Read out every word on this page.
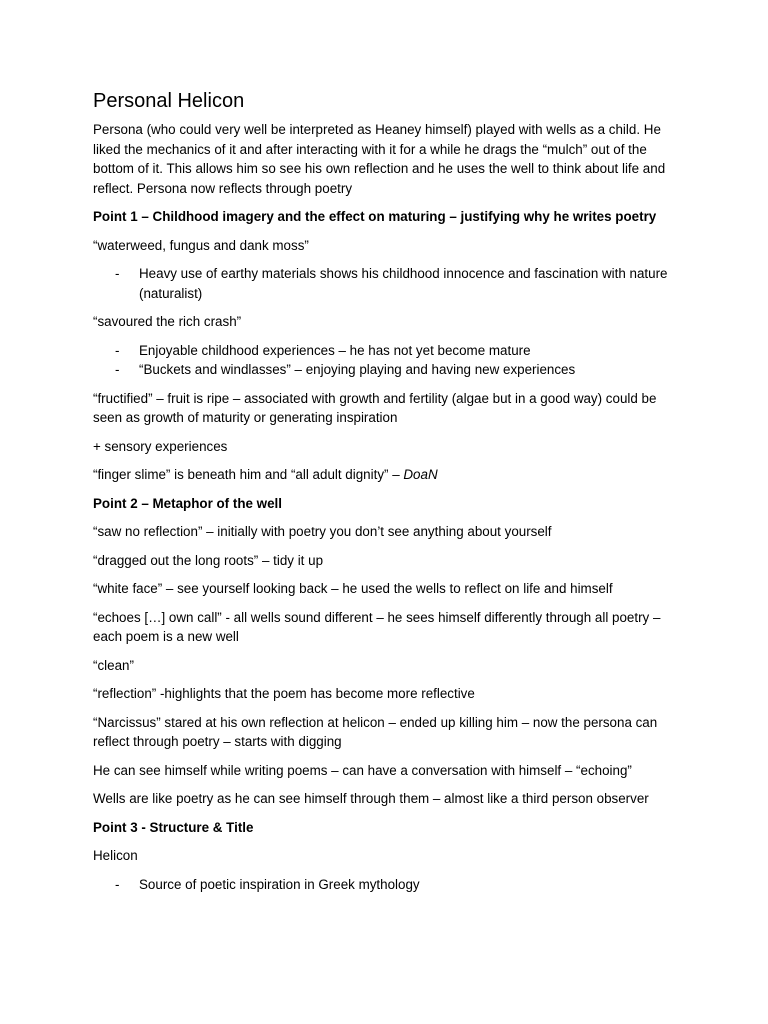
Personal Helicon

Persona (who could very well be interpreted as Heaney himself) played with wells as a child. He liked the mechanics of it and after interacting with it for a while he drags the “mulch” out of the bottom of it. This allows him so see his own reflection and he uses the well to think about life and reflect. Persona now reflects through poetry

Point 1 – Childhood imagery and the effect on maturing – justifying why he writes poetry

“waterweed, fungus and dank moss”

- Heavy use of earthy materials shows his childhood innocence and fascination with nature (naturalist)

“savoured the rich crash”

- Enjoyable childhood experiences – he has not yet become mature
- “Buckets and windlasses” – enjoying playing and having new experiences

“fructified” – fruit is ripe – associated with growth and fertility (algae but in a good way) could be seen as growth of maturity or generating inspiration

+ sensory experiences

“finger slime” is beneath him and “all adult dignity” – DoaN

Point 2 – Metaphor of the well

“saw no reflection” – initially with poetry you don’t see anything about yourself

“dragged out the long roots” – tidy it up

“white face” – see yourself looking back – he used the wells to reflect on life and himself

“echoes […] own call” - all wells sound different – he sees himself differently through all poetry – each poem is a new well

“clean”

“reflection” -highlights that the poem has become more reflective

“Narcissus” stared at his own reflection at helicon – ended up killing him – now the persona can reflect through poetry – starts with digging

He can see himself while writing poems – can have a conversation with himself – “echoing”

Wells are like poetry as he can see himself through them – almost like a third person observer

Point 3 - Structure & Title

Helicon

- Source of poetic inspiration in Greek mythology
